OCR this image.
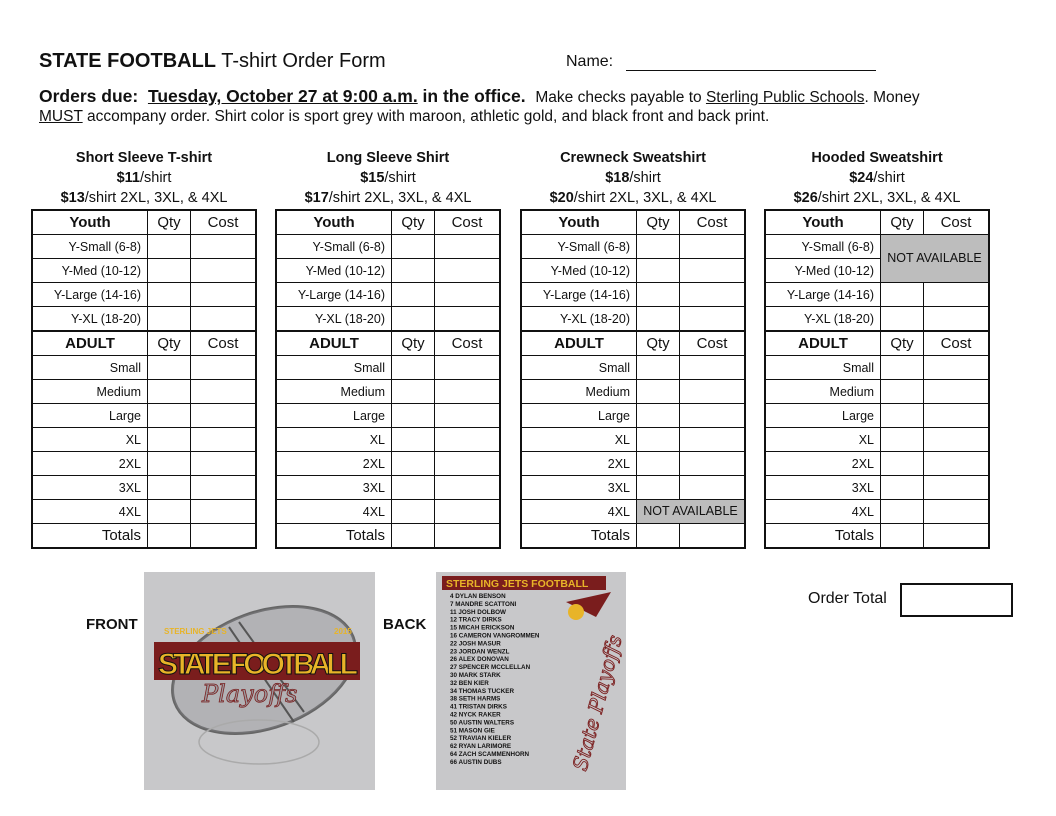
STATE FOOTBALL T-shirt Order Form	Name:
Orders due: Tuesday, October 27 at 9:00 a.m. in the office. Make checks payable to Sterling Public Schools. Money
MUST accompany order. Shirt color is sport grey with maroon, athletic gold, and black front and back print.
Short Sleeve T-shirt
$11/shirt
$13/shirt 2XL, 3XL, & 4XL
Youth	Qty	Cost
Y-Small (6-8)		
Y-Med (10-12)		
Y-Large (14-16)		
Y-XL (18-20)		
ADULT	Qty	Cost
Small		
Medium		
Large		
XL		
2XL		
3XL		
4XL		
Totals		
Long Sleeve Shirt
$15/shirt
$17/shirt 2XL, 3XL, & 4XL
Youth	Qty	Cost
Y-Small (6-8)		
Y-Med (10-12)		
Y-Large (14-16)		
Y-XL (18-20)		
ADULT	Qty	Cost
Small		
Medium		
Large		
XL		
2XL		
3XL		
4XL		
Totals		
Crewneck Sweatshirt
$18/shirt
$20/shirt 2XL, 3XL, & 4XL
Youth	Qty	Cost
Y-Small (6-8)		
Y-Med (10-12)		
Y-Large (14-16)		
Y-XL (18-20)		
ADULT	Qty	Cost
Small		
Medium		
Large		
XL		
2XL		
3XL		
4XL	NOT AVAILABLE	
Totals		
Hooded Sweatshirt
$24/shirt
$26/shirt 2XL, 3XL, & 4XL
Youth	Qty	Cost
Y-Small (6-8)	NOT AVAILABLE	
Y-Med (10-12)		
Y-Large (14-16)		
Y-XL (18-20)		
ADULT	Qty	Cost
Small		
Medium		
Large		
XL		
2XL		
3XL		
4XL		
Totals		
FRONT	STERLING JETS	2015
STATE FOOTBALL
Playoffs
BACK
STERLING JETS FOOTBALL
State Playoffs
4 DYLAN BENSON
7 MANDRE SCATTONI
11 JOSH DOLBOW
12 TRACY DIRKS
15 MICAH ERICKSON
16 CAMERON VANGROMMEN
22 JOSH MASUR
23 JORDAN WENZL
26 ALEX DONOVAN
27 SPENCER MCCLELLAN
30 MARK STARK
32 BEN KIER
34 THOMAS TUCKER
38 SETH HARMS
41 TRISTAN DIRKS
42 NYCK RAKER
50 AUSTIN WALTERS
51 MASON GIE
52 TRAVIAN KIELER
62 RYAN LARIMORE
64 ZACH SCAMMENHORN
66 AUSTIN DUBS
Order Total
